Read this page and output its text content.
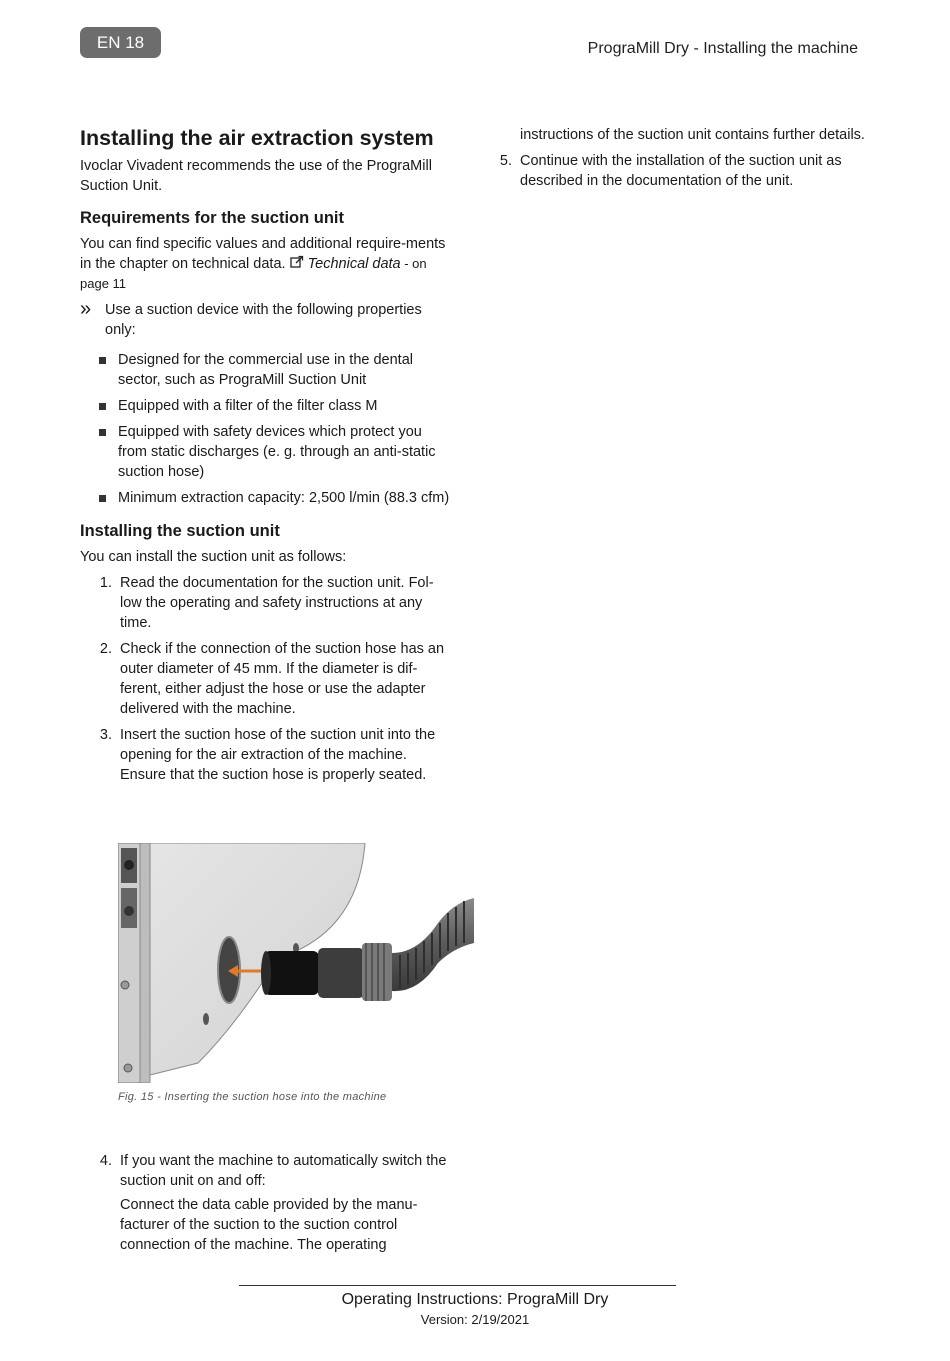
EN 18	PrograMill Dry - Installing the machine
Installing the air extraction system

Ivoclar Vivadent recommends the use of the PrograMill Suction Unit.

Requirements for the suction unit

You can find specific values and additional require-ments in the chapter on technical data. Technical data - on page 11

» Use a suction device with the following properties only:
Designed for the commercial use in the dental sector, such as PrograMill Suction Unit
Equipped with a filter of the filter class M
Equipped with safety devices which protect you from static discharges (e. g. through an anti-static suction hose)
Minimum extraction capacity: 2,500 l/min (88.3 cfm)
Installing the suction unit

You can install the suction unit as follows:

1. Read the documentation for the suction unit. Fol-low the operating and safety instructions at any time.
2. Check if the connection of the suction hose has an outer diameter of 45 mm. If the diameter is dif-ferent, either adjust the hose or use the adapter delivered with the machine.
3. Insert the suction hose of the suction unit into the opening for the air extraction of the machine. Ensure that the suction hose is properly seated.
Fig. 15 - Inserting the suction hose into the machine
4. If you want the machine to automatically switch the suction unit on and off:
Connect the data cable provided by the manu-facturer of the suction to the suction control connection of the machine. The operating
instructions of the suction unit contains further details.
5. Continue with the installation of the suction unit as described in the documentation of the unit.
Operating Instructions: PrograMill Dry
Version: 2/19/2021
